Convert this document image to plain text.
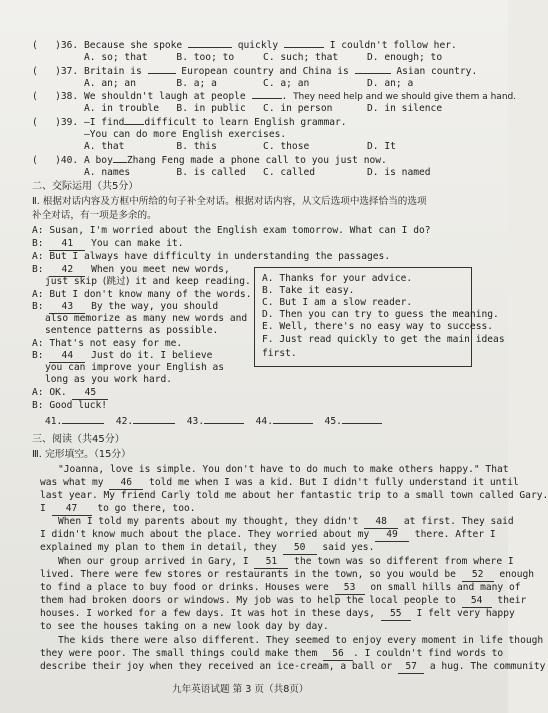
(   )36. Because she spoke	quickly	I couldn't follow her.
A. so; that     B. too; to     C. such; that     D. enough; to
(   )37. Britain is	European country and China is	Asian country.
A. an; an       B. a; a        C. a; an          D. an; a
(   )38. We shouldn't laugh at people	. They need help and we should give them a hand.
A. in trouble   B. in public   C. in person      D. in silence
(   )39. —I find difficult to learn English grammar.
—You can do more English exercises.
A. that         B. this        C. those          D. It
(   )40. A boy Zhang Feng made a phone call to you just now.
A. names        B. is called   C. called         D. is named
二、交际运用（共5分）
Ⅱ. 根据对话内容及方框中所给的句子补全对话。根据对话内容，从文后选项中选择恰当的选项
补全对话，有一项是多余的。
A: Susan, I'm worried about the English exam tomorrow. What can I do?
B: 41 You can make it.
A: But I always have difficulty in understanding the passages.
B: 42 When you meet new words,
just skip (跳过) it and keep reading.
A: But I don't know many of the words.
B: 43 By the way, you should
also memorize as many new words and
sentence patterns as possible.
A: That's not easy for me.
B: 44 Just do it. I believe
you can improve your English as
long as you work hard.
A: OK. 45
B: Good luck!
A. Thanks for your advice.
B. Take it easy.
C. But I am a slow reader.
D. Then you can try to guess the meaning.
E. Well, there's no easy way to success.
F. Just read quickly to get the main ideas
first.
41.	42.	43.	44.	45.
三、阅读（共45分）
Ⅲ. 完形填空。（15分）
"Joanna, love is simple. You don't have to do much to make others happy." That
was what my 46 told me when I was a kid. But I didn't fully understand it until
last year. My friend Carly told me about her fantastic trip to a small town called Gary.
I 47 to go there, too.
When I told my parents about my thought, they didn't 48 at first. They said
I didn't know much about the place. They worried about my 49 there. After I
explained my plan to them in detail, they 50 said yes.
When our group arrived in Gary, I 51 the town was so different from where I
lived. There were few stores or restaurants in the town, so you would be 52 enough
to find a place to buy food or drinks. Houses were 53 on small hills and many of
them had broken doors or windows. My job was to help the local people to 54 their
houses. I worked for a few days. It was hot in these days, 55 I felt very happy
to see the houses taking on a new look day by day.
The kids there were also different. They seemed to enjoy every moment in life though
they were poor. The small things could make them 56 . I couldn't find words to
describe their joy when they received an ice-cream, a ball or 57 a hug. The community
九年英语试题 第 3 页（共8页）
